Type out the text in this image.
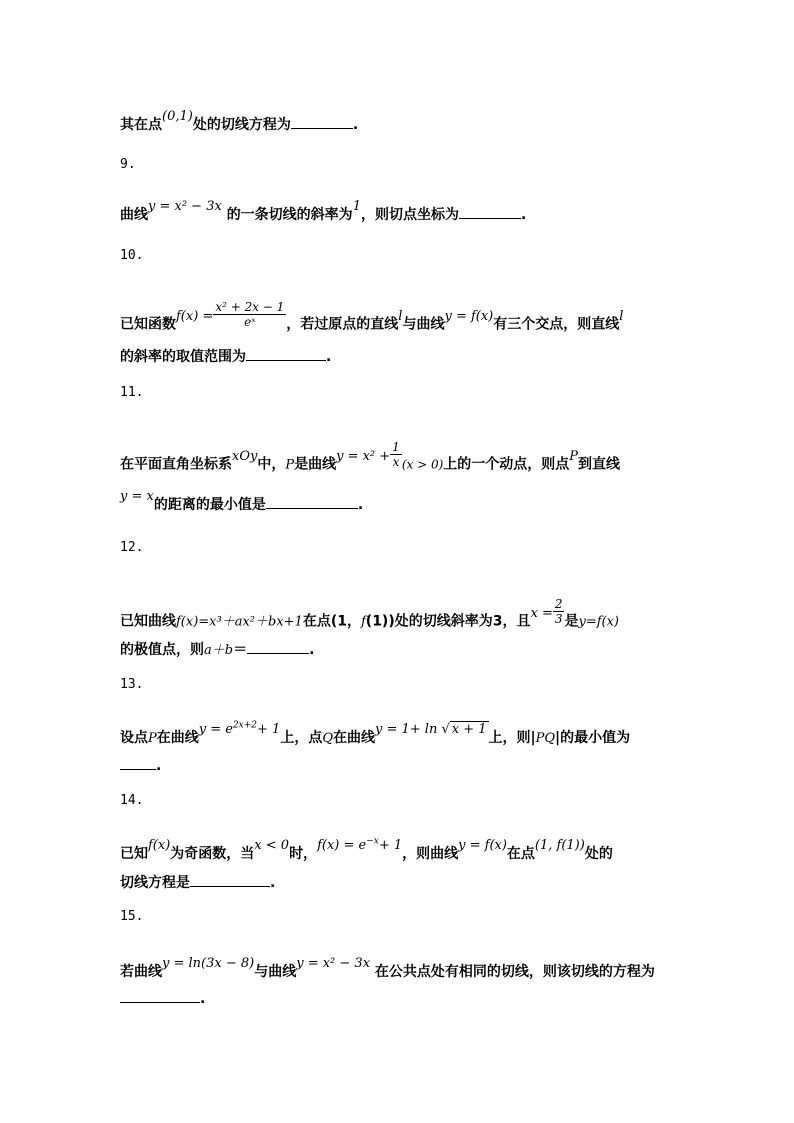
其在点(0,1)处的切线方程为	.
9.
曲线y = x² − 3x 的一条切线的斜率为1，则切点坐标为	.
10.
已知函数$f(x) = \frac{\text{x² + 2x − 1}}{\text{eˣ}}$ ，若过原点的直线l与曲线y = f(x)有三个交点，则直线l
的斜率的取值范围为	.
11.
在平面直角坐标系xOy中，P是曲线$y = x^2 + \frac{1}{x} (x > 0)$上的一个动点，则点P到直线
y = x的距离的最小值是	.
12.
已知曲线f(x)=x³＋ax²＋bx+1在点(1，f(1))处的切线斜率为3，且$x = \frac{2}{3}$ 是y=f(x)
的极值点，则a＋b＝	.
13.
设点P在曲线$y = e^{2x+2}+ 1$上，点Q在曲线y = 1+ ln √ x + 1上，则|PQ|的最小值为
.
14.
已知f(x)为奇函数，当x < 0时，$f(x) = e^{-x}+ 1$，则曲线y = f(x)在点(1, f(1))处的
切线方程是	.
15.
若曲线y = ln(3x − 8)与曲线y = x² − 3x 在公共点处有相同的切线，则该切线的方程为
.
